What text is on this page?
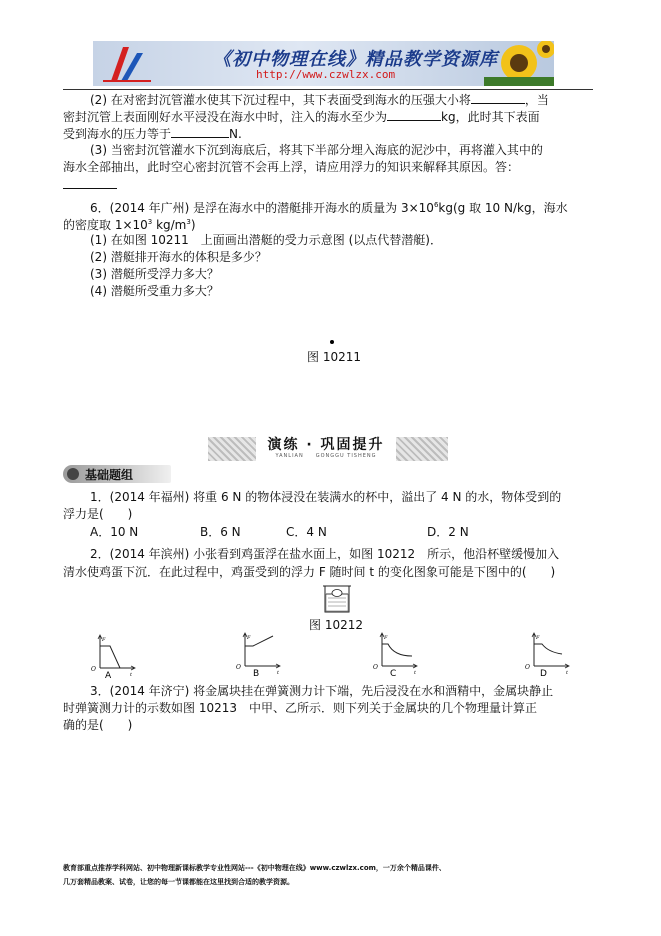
《初中物理在线》精品教学资源库
http://www.czwlzx.com
(2) 在对密封沉管灌水使其下沉过程中，其下表面受到海水的压强大小将	，当
密封沉管上表面刚好水平浸没在海水中时，注入的海水至少为	kg，此时其下表面
受到海水的压力等于	N.
(3) 当密封沉管灌水下沉到海底后，将其下半部分埋入海底的泥沙中，再将灌入其中的
海水全部抽出，此时空心密封沉管不会再上浮，请应用浮力的知识来解释其原因。答：
6．(2014 年广州) 是浮在海水中的潜艇排开海水的质量为 $3\times 10^6kg(g$ 取 10 N/kg，海水
的密度取 $1\times 10^3$ $kg/m^3$)
(1) 在如图 10211　上面画出潜艇的受力示意图 (以点代替潜艇)．
(2) 潜艇排开海水的体积是多少？
(3) 潜艇所受浮力多大？
(4) 潜艇所受重力多大？
图 10211
演练 · 巩固提升
YANLIAN　　GONGGU TISHENG
基础题组
1．(2014 年福州) 将重 6 N 的物体浸没在装满水的杯中，溢出了 4 N 的水，物体受到的
浮力是(　　)
A．10 N	B．6 N	C．4 N	D．2 N
2．(2014 年滨州) 小张看到鸡蛋浮在盐水面上，如图 10212　所示，他沿杯壁缓慢加入
清水使鸡蛋下沉．在此过程中，鸡蛋受到的浮力 F 随时间 t 的变化图象可能是下图中的(　　)
图 10212
F
t
O
A
F
t
O
B
F
t
O
C
F
t
O
D
3．(2014 年济宁) 将金属块挂在弹簧测力计下端，先后浸没在水和酒精中，金属块静止
时弹簧测力计的示数如图 10213　中甲、乙所示．则下列关于金属块的几个物理量计算正
确的是(　　)
教育部重点推荐学科网站、初中物理新课标教学专业性网站---《初中物理在线》www.czwlzx.com，一万余个精品课件、
几万套精品教案、试卷，让您的每一节课都能在这里找到合适的教学资源。
